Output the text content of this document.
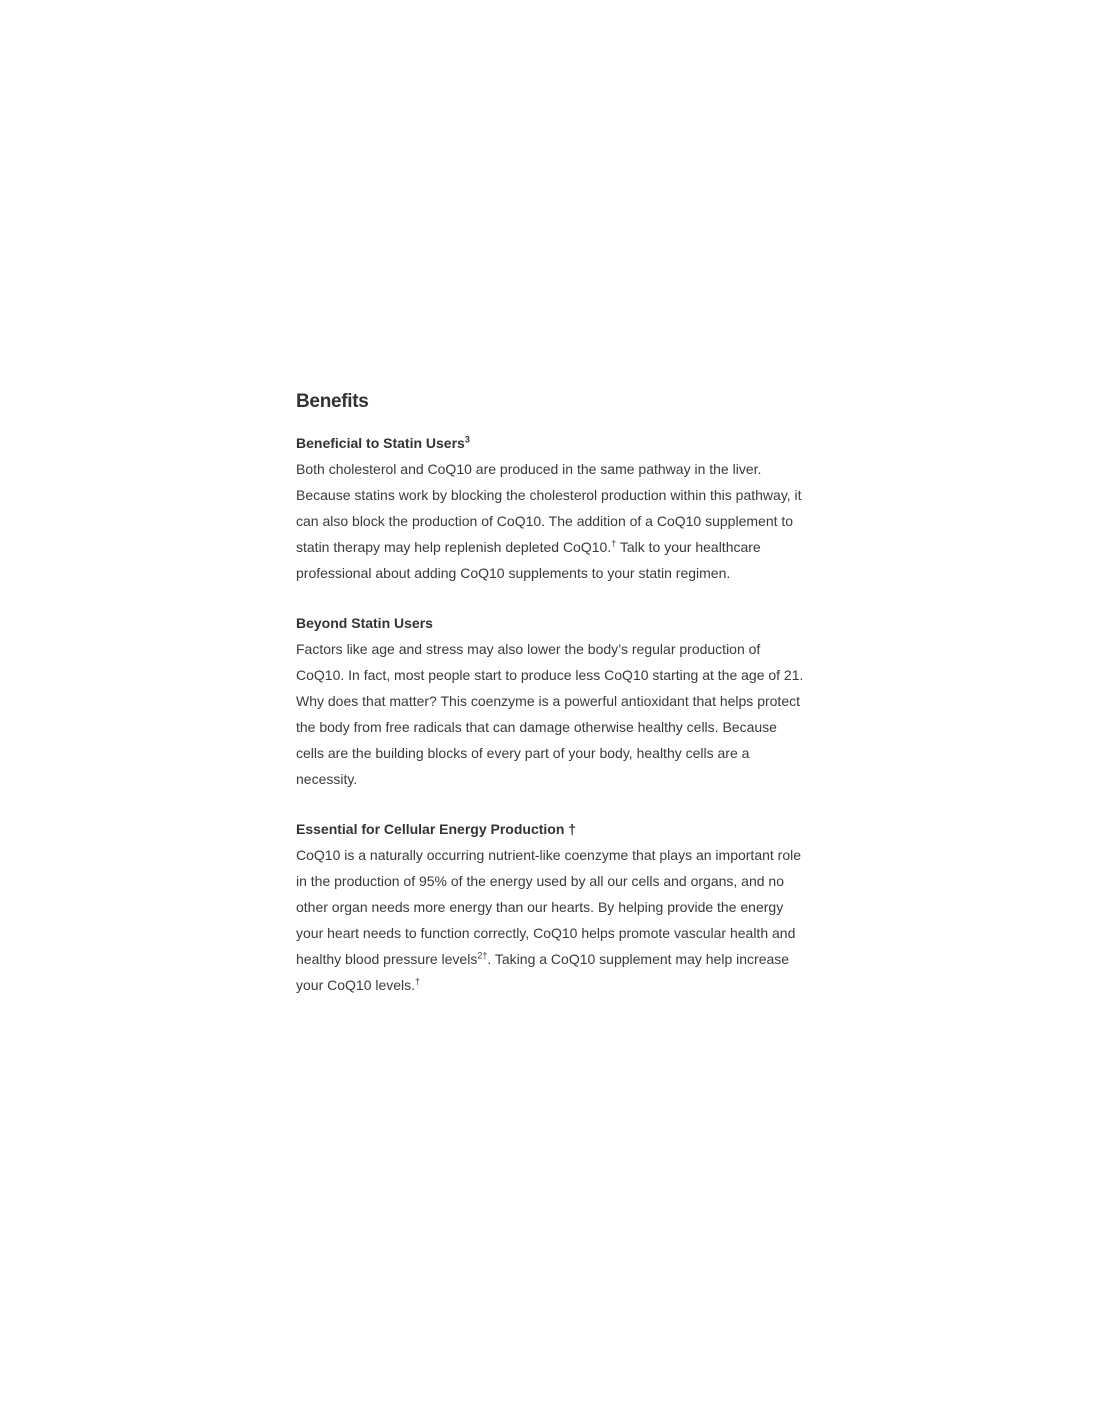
Benefits

Beneficial to Statin Users$^3$

Both cholesterol and CoQ10 are produced in the same pathway in the liver. Because statins work by blocking the cholesterol production within this pathway, it can also block the production of CoQ10. The addition of a CoQ10 supplement to statin therapy may help replenish depleted CoQ10.† Talk to your healthcare professional about adding CoQ10 supplements to your statin regimen.

Beyond Statin Users

Factors like age and stress may also lower the body’s regular production of CoQ10. In fact, most people start to produce less CoQ10 starting at the age of 21. Why does that matter? This coenzyme is a powerful antioxidant that helps protect the body from free radicals that can damage otherwise healthy cells. Because cells are the building blocks of every part of your body, healthy cells are a necessity.

Essential for Cellular Energy Production †

CoQ10 is a naturally occurring nutrient-like coenzyme that plays an important role in the production of 95% of the energy used by all our cells and organs, and no other organ needs more energy than our hearts. By helping provide the energy your heart needs to function correctly, CoQ10 helps promote vascular health and healthy blood pressure levels$^{2\dagger}$. Taking a CoQ10 supplement may help increase your CoQ10 levels.†
